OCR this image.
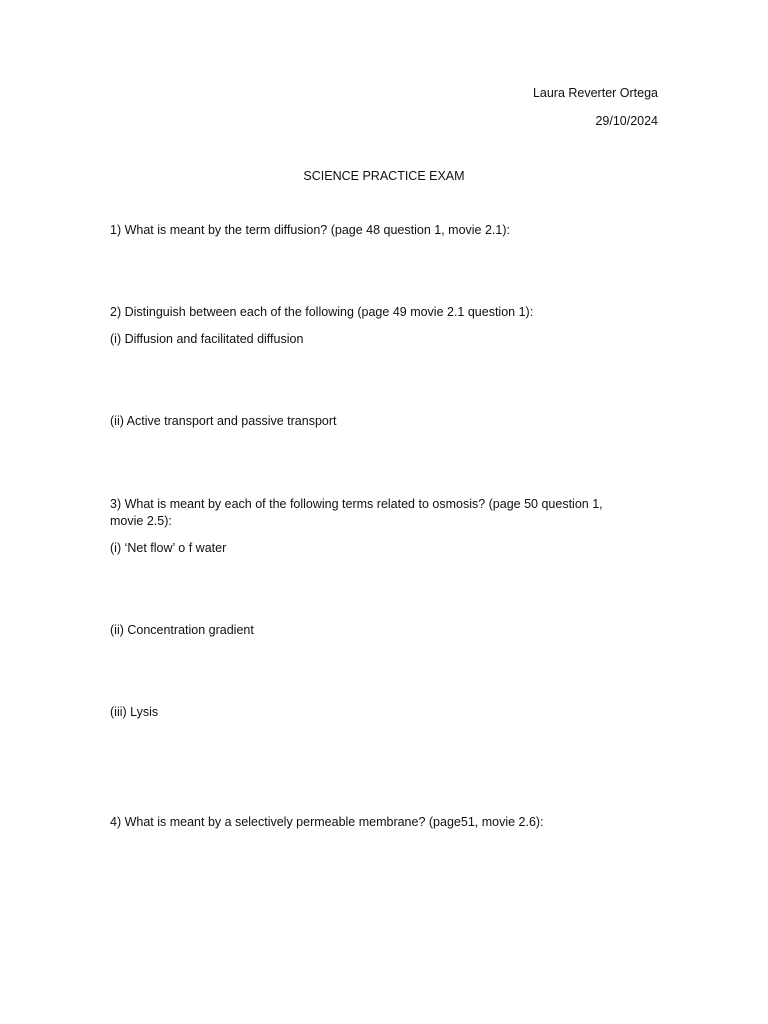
Laura Reverter Ortega
29/10/2024
SCIENCE PRACTICE EXAM
1) What is meant by the term diffusion? (page 48 question 1, movie 2.1):
2) Distinguish between each of the following (page 49 movie 2.1 question 1):
(i) Diffusion and facilitated diffusion
(ii) Active transport and passive transport
3) What is meant by each of the following terms related to osmosis? (page 50 question 1,
movie 2.5):
(i) ‘Net flow’ o f water
(ii) Concentration gradient
(iii) Lysis
4) What is meant by a selectively permeable membrane? (page51, movie 2.6):
